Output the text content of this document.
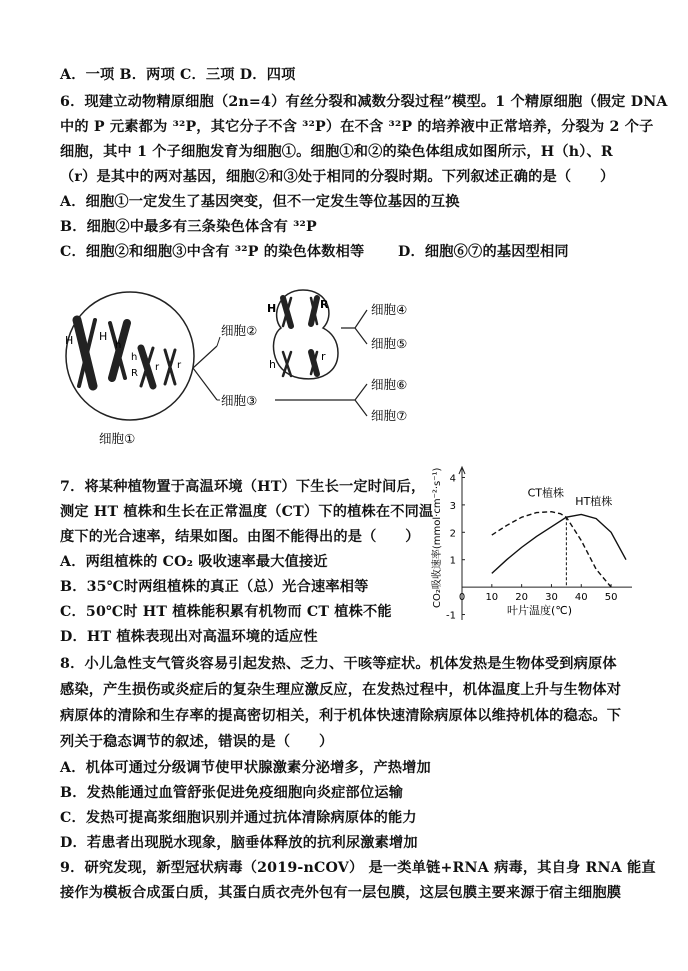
A．一项 B．两项 C．三项 D．四项
6．现建立动物精原细胞（2n=4）有丝分裂和减数分裂过程”模型。1 个精原细胞（假定 DNA
中的 P 元素都为 ³²P，其它分子不含 ³²P）在不含 ³²P 的培养液中正常培养，分裂为 2 个子
细胞，其中 1 个子细胞发育为细胞①。细胞①和②的染色体组成如图所示，H（h）、R
（r）是其中的两对基因，细胞②和③处于相同的分裂时期。下列叙述正确的是（　　）
A．细胞①一定发生了基因突变，但不一定发生等位基因的互换
B．细胞②中最多有三条染色体含有 ³²P
C．细胞②和细胞③中含有 ³²P 的染色体数相等 D．细胞⑥⑦的基因型相同
H H
h
h
R
r r
细胞①
细胞②
细胞③
H	R
h
r
细胞④
细胞⑤
细胞⑥
细胞⑦
7．将某种植物置于高温环境（HT）下生长一定时间后，
测定 HT 植株和生长在正常温度（CT）下的植株在不同温
度下的光合速率，结果如图。由图不能得出的是（　　）
A．两组植株的 CO₂ 吸收速率最大值接近
B．35℃时两组植株的真正（总）光合速率相等
C．50℃时 HT 植株能积累有机物而 CT 植株不能
D．HT 植株表现出对高温环境的适应性
0 10 20 30 40 50
-1
1
2
3
4
CT植株
HT植株
叶片温度(℃)
CO₂吸收速率(mmol·cm⁻²·s⁻¹)
8．小儿急性支气管炎容易引起发热、乏力、干咳等症状。机体发热是生物体受到病原体
感染，产生损伤或炎症后的复杂生理应激反应，在发热过程中，机体温度上升与生物体对
病原体的清除和生存率的提高密切相关，利于机体快速清除病原体以维持机体的稳态。下
列关于稳态调节的叙述，错误的是（　　）
A．机体可通过分级调节使甲状腺激素分泌增多，产热增加
B．发热能通过血管舒张促进免疫细胞向炎症部位运输
C．发热可提高浆细胞识别并通过抗体清除病原体的能力
D．若患者出现脱水现象，脑垂体释放的抗利尿激素增加
9．研究发现，新型冠状病毒（2019-nCOV） 是一类单链+RNA 病毒，其自身 RNA 能直
接作为模板合成蛋白质，其蛋白质衣壳外包有一层包膜，这层包膜主要来源于宿主细胞膜
